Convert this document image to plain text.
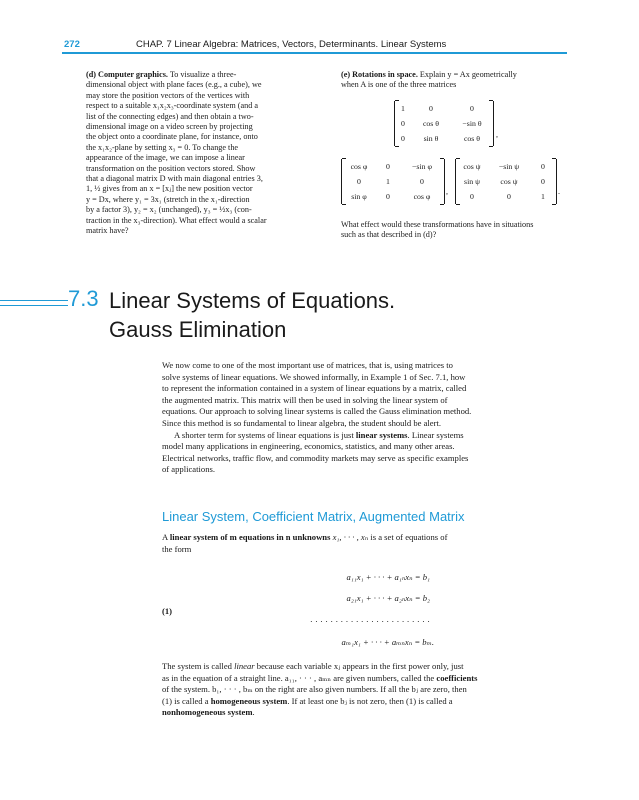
272	CHAP. 7 Linear Algebra: Matrices, Vectors, Determinants. Linear Systems
(d) Computer graphics. To visualize a three-
dimensional object with plane faces (e.g., a cube), we
may store the position vectors of the vertices with
respect to a suitable x₁x₂x₃-coordinate system (and a
list of the connecting edges) and then obtain a two-
dimensional image on a video screen by projecting
the object onto a coordinate plane, for instance, onto
the x₁x₂-plane by setting x₃ = 0. To change the
appearance of the image, we can impose a linear
transformation on the position vectors stored. Show
that a diagonal matrix D with main diagonal entries 3,
1, ½ gives from an x = [xⱼ] the new position vector
y = Dx, where y₁ = 3x₁ (stretch in the x₁-direction
by a factor 3), y₂ = x₂ (unchanged), y₃ = ½x₃ (con-
traction in the x₃-direction). What effect would a scalar
matrix have?
(e) Rotations in space. Explain y = Ax geometrically
when A is one of the three matrices
1	0	0
0	cos θ	−sin θ
0	sin θ	cos θ	,
cos φ	0	−sin φ
0	1	0
sin φ	0	cos φ
,
cos ψ	−sin ψ	0
sin ψ	cos ψ	0
0	0	1
.
What effect would these transformations have in situations
such as that described in (d)?
7.3 Linear Systems of Equations.
Gauss Elimination
We now come to one of the most important use of matrices, that is, using matrices to
solve systems of linear equations. We showed informally, in Example 1 of Sec. 7.1, how
to represent the information contained in a system of linear equations by a matrix, called
the augmented matrix. This matrix will then be used in solving the linear system of
equations. Our approach to solving linear systems is called the Gauss elimination method.
Since this method is so fundamental to linear algebra, the student should be alert.
A shorter term for systems of linear equations is just linear systems. Linear systems
model many applications in engineering, economics, statistics, and many other areas.
Electrical networks, traffic flow, and commodity markets may serve as specific examples
of applications.
Linear System, Coefficient Matrix, Augmented Matrix
A linear system of m equations in n unknowns x₁, · · · , xₙ is a set of equations of
the form
(1)
a₁₁x₁ + · · · + a₁ₙxₙ = b₁
a₂₁x₁ + · · · + a₂ₙxₙ = b₂
. . . . . . . . . . . . . . . . . . . . . . . .
aₘ₁x₁ + · · · + aₘₙxₙ = bₘ.
The system is called linear because each variable xⱼ appears in the first power only, just
as in the equation of a straight line. a₁₁, · · · , aₘₙ are given numbers, called the coefficients
of the system. b₁, · · · , bₘ on the right are also given numbers. If all the bⱼ are zero, then
(1) is called a homogeneous system. If at least one bⱼ is not zero, then (1) is called a
nonhomogeneous system.
